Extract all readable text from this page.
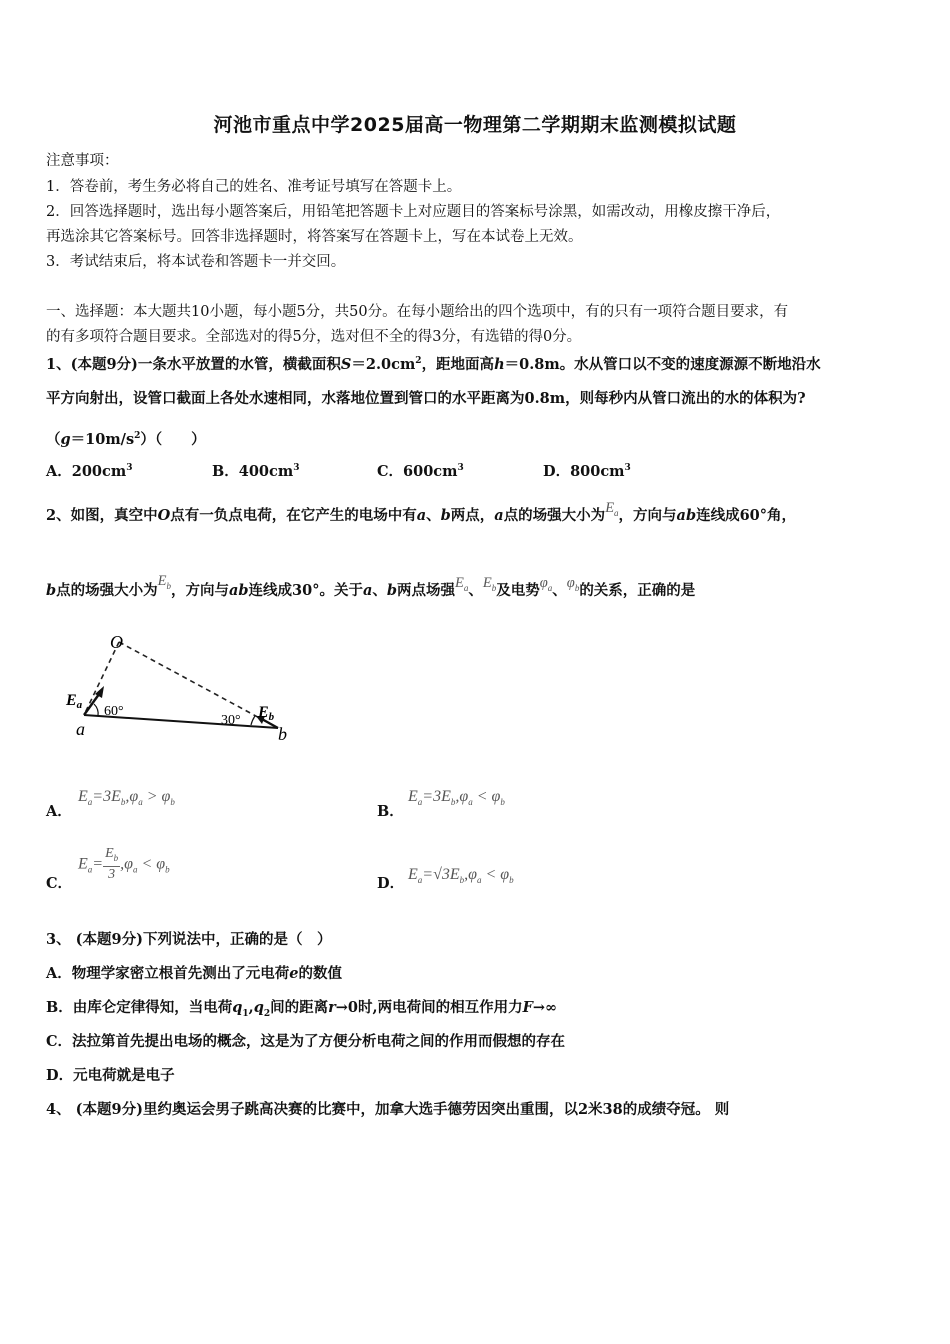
河池市重点中学2025届高一物理第二学期期末监测模拟试题
注意事项：
1．答卷前，考生务必将自己的姓名、准考证号填写在答题卡上。
2．回答选择题时，选出每小题答案后，用铅笔把答题卡上对应题目的答案标号涂黑，如需改动，用橡皮擦干净后，
再选涂其它答案标号。回答非选择题时，将答案写在答题卡上，写在本试卷上无效。
3．考试结束后，将本试卷和答题卡一并交回。
一、选择题：本大题共10小题，每小题5分，共50分。在每小题给出的四个选项中，有的只有一项符合题目要求，有
的有多项符合题目要求。全部选对的得5分，选对但不全的得3分，有选错的得0分。
1、(本题9分)一条水平放置的水管，横截面积$S=2.0cm^2$，距地面高h＝0.8m。水从管口以不变的速度源源不断地沿水
平方向射出，设管口截面上各处水速相同，水落地位置到管口的水平距离为0.8m，则每秒内从管口流出的水的体积为?
$(g=10m/s^2)$（　　）
A．$200cm^3$	B．$400cm^3$	C．$600cm^3$	D．$800cm^3$
2、如图，真空中O点有一负点电荷，在它产生的电场中有a、b两点，a点的场强大小为$E_a$，方向与ab连线成60°角，
b点的场强大小为$E_b$，方向与ab连线成30°。关于a、b两点场强$E_a$、$E_b$及电势$\varphi_a$、$\varphi_b$的关系，正确的是
O
Ea 60°
30° Eb
a	b
A．
$E_a=3E_b,\varphi_a > \varphi_b$
B．
$E_a=3E_b,\varphi_a < \varphi_b$
C．
$E_a= \frac{E_b}{3} ,\varphi_a < \varphi_b$
D．
$E_a=√3E_b,\varphi_a < \varphi_b$
3、 (本题9分)下列说法中，正确的是（　）
A．物理学家密立根首先测出了元电荷e的数值
B．由库仑定律得知，当电荷$q_1,q_2$间的距离r→0时,两电荷间的相互作用力F→∞
C．法拉第首先提出电场的概念，这是为了方便分析电荷之间的作用而假想的存在
D．元电荷就是电子
4、 (本题9分)里约奥运会男子跳高决赛的比赛中，加拿大选手德劳因突出重围，以2米38的成绩夺冠。 则
